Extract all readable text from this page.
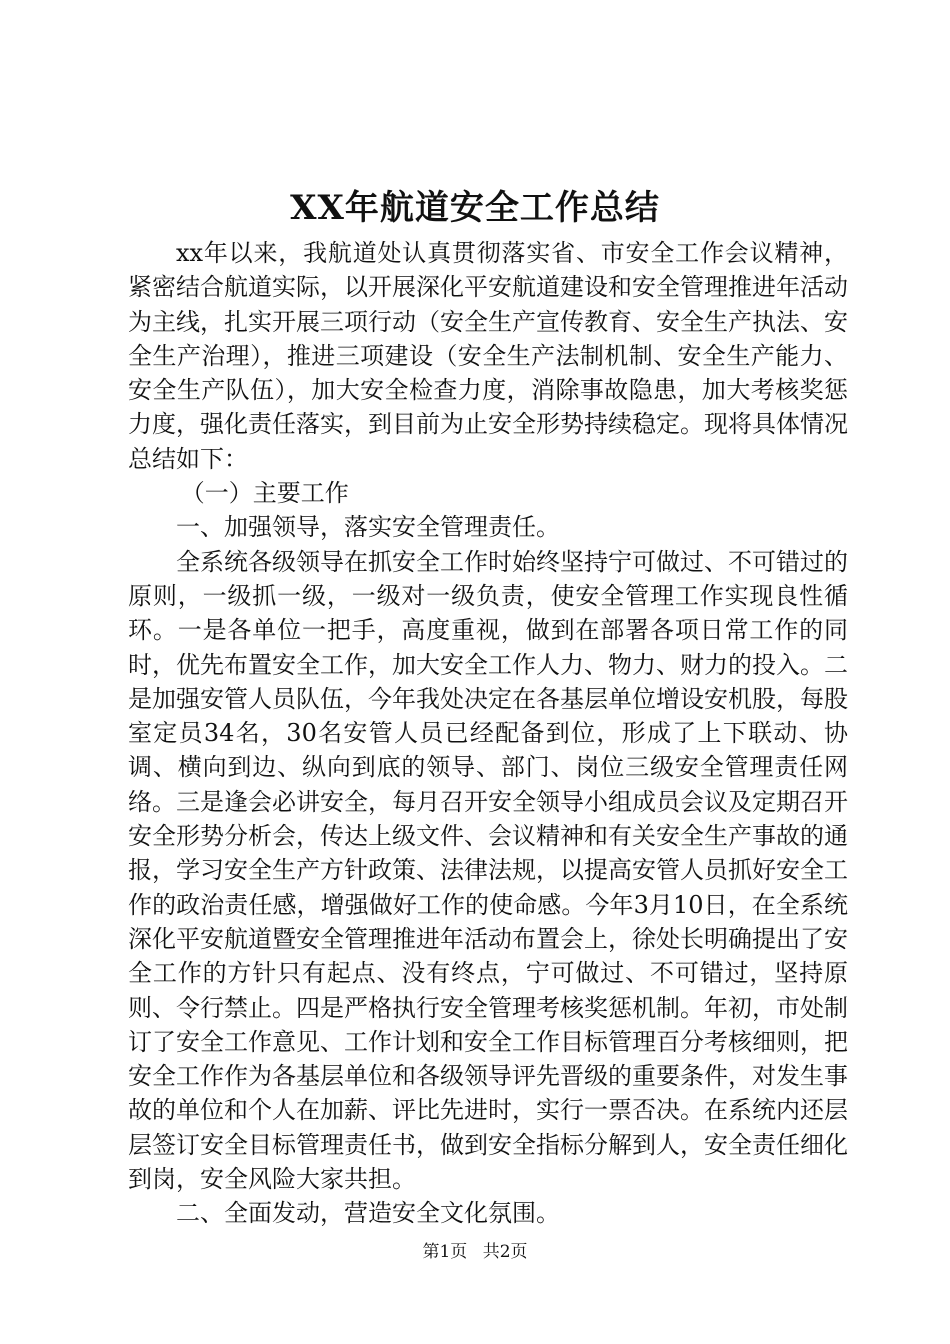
XX年航道安全工作总结

xx年以来，我航道处认真贯彻落实省、市安全工作会议精神，紧密结合航道实际，以开展深化平安航道建设和安全管理推进年活动为主线，扎实开展三项行动（安全生产宣传教育、安全生产执法、安全生产治理），推进三项建设（安全生产法制机制、安全生产能力、安全生产队伍），加大安全检查力度，消除事故隐患，加大考核奖惩力度，强化责任落实，到目前为止安全形势持续稳定。现将具体情况总结如下：

（一）主要工作

一、加强领导，落实安全管理责任。

全系统各级领导在抓安全工作时始终坚持宁可做过、不可错过的原则，一级抓一级，一级对一级负责，使安全管理工作实现良性循环。一是各单位一把手，高度重视，做到在部署各项日常工作的同时，优先布置安全工作，加大安全工作人力、物力、财力的投入。二是加强安管人员队伍，今年我处决定在各基层单位增设安机股，每股室定员34名，30名安管人员已经配备到位，形成了上下联动、协调、横向到边、纵向到底的领导、部门、岗位三级安全管理责任网络。三是逢会必讲安全，每月召开安全领导小组成员会议及定期召开安全形势分析会，传达上级文件、会议精神和有关安全生产事故的通报，学习安全生产方针政策、法律法规，以提高安管人员抓好安全工作的政治责任感，增强做好工作的使命感。今年3月10日，在全系统深化平安航道暨安全管理推进年活动布置会上，徐处长明确提出了安全工作的方针只有起点、没有终点，宁可做过、不可错过，坚持原则、令行禁止。四是严格执行安全管理考核奖惩机制。年初，市处制订了安全工作意见、工作计划和安全工作目标管理百分考核细则，把安全工作作为各基层单位和各级领导评先晋级的重要条件，对发生事故的单位和个人在加薪、评比先进时，实行一票否决。在系统内还层层签订安全目标管理责任书，做到安全指标分解到人，安全责任细化到岗，安全风险大家共担。

二、全面发动，营造安全文化氛围。

第1页 共2页
